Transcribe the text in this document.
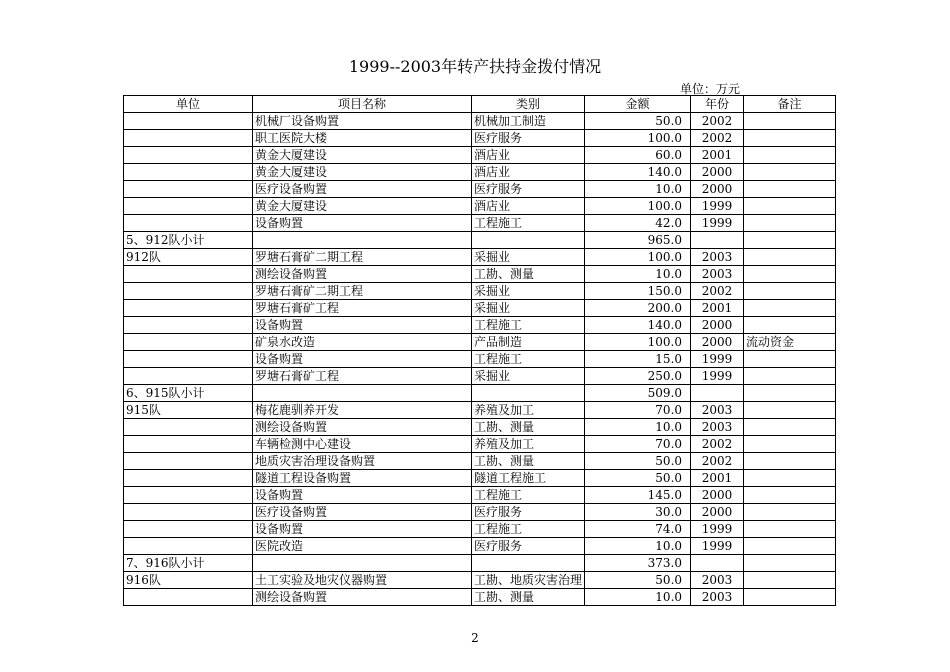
1999--2003年转产扶持金拨付情况
单位：万元
单位	项目名称	类别	金额	年份	备注
	机械厂设备购置	机械加工制造	50.0	2002	
	职工医院大楼	医疗服务	100.0	2002	
	黄金大厦建设	酒店业	60.0	2001	
	黄金大厦建设	酒店业	140.0	2000	
	医疗设备购置	医疗服务	10.0	2000	
	黄金大厦建设	酒店业	100.0	1999	
	设备购置	工程施工	42.0	1999	
5、912队小计			965.0		
912队	罗塘石膏矿二期工程	采掘业	100.0	2003	
	测绘设备购置	工勘、测量	10.0	2003	
	罗塘石膏矿二期工程	采掘业	150.0	2002	
	罗塘石膏矿工程	采掘业	200.0	2001	
	设备购置	工程施工	140.0	2000	
	矿泉水改造	产品制造	100.0	2000	流动资金
	设备购置	工程施工	15.0	1999	
	罗塘石膏矿工程	采掘业	250.0	1999	
6、915队小计			509.0		
915队	梅花鹿驯养开发	养殖及加工	70.0	2003	
	测绘设备购置	工勘、测量	10.0	2003	
	车辆检测中心建设	养殖及加工	70.0	2002	
	地质灾害治理设备购置	工勘、测量	50.0	2002	
	隧道工程设备购置	隧道工程施工	50.0	2001	
	设备购置	工程施工	145.0	2000	
	医疗设备购置	医疗服务	30.0	2000	
	设备购置	工程施工	74.0	1999	
	医院改造	医疗服务	10.0	1999	
7、916队小计			373.0		
916队	土工实验及地灾仪器购置	工勘、地质灾害治理	50.0	2003	
	测绘设备购置	工勘、测量	10.0	2003	
2
